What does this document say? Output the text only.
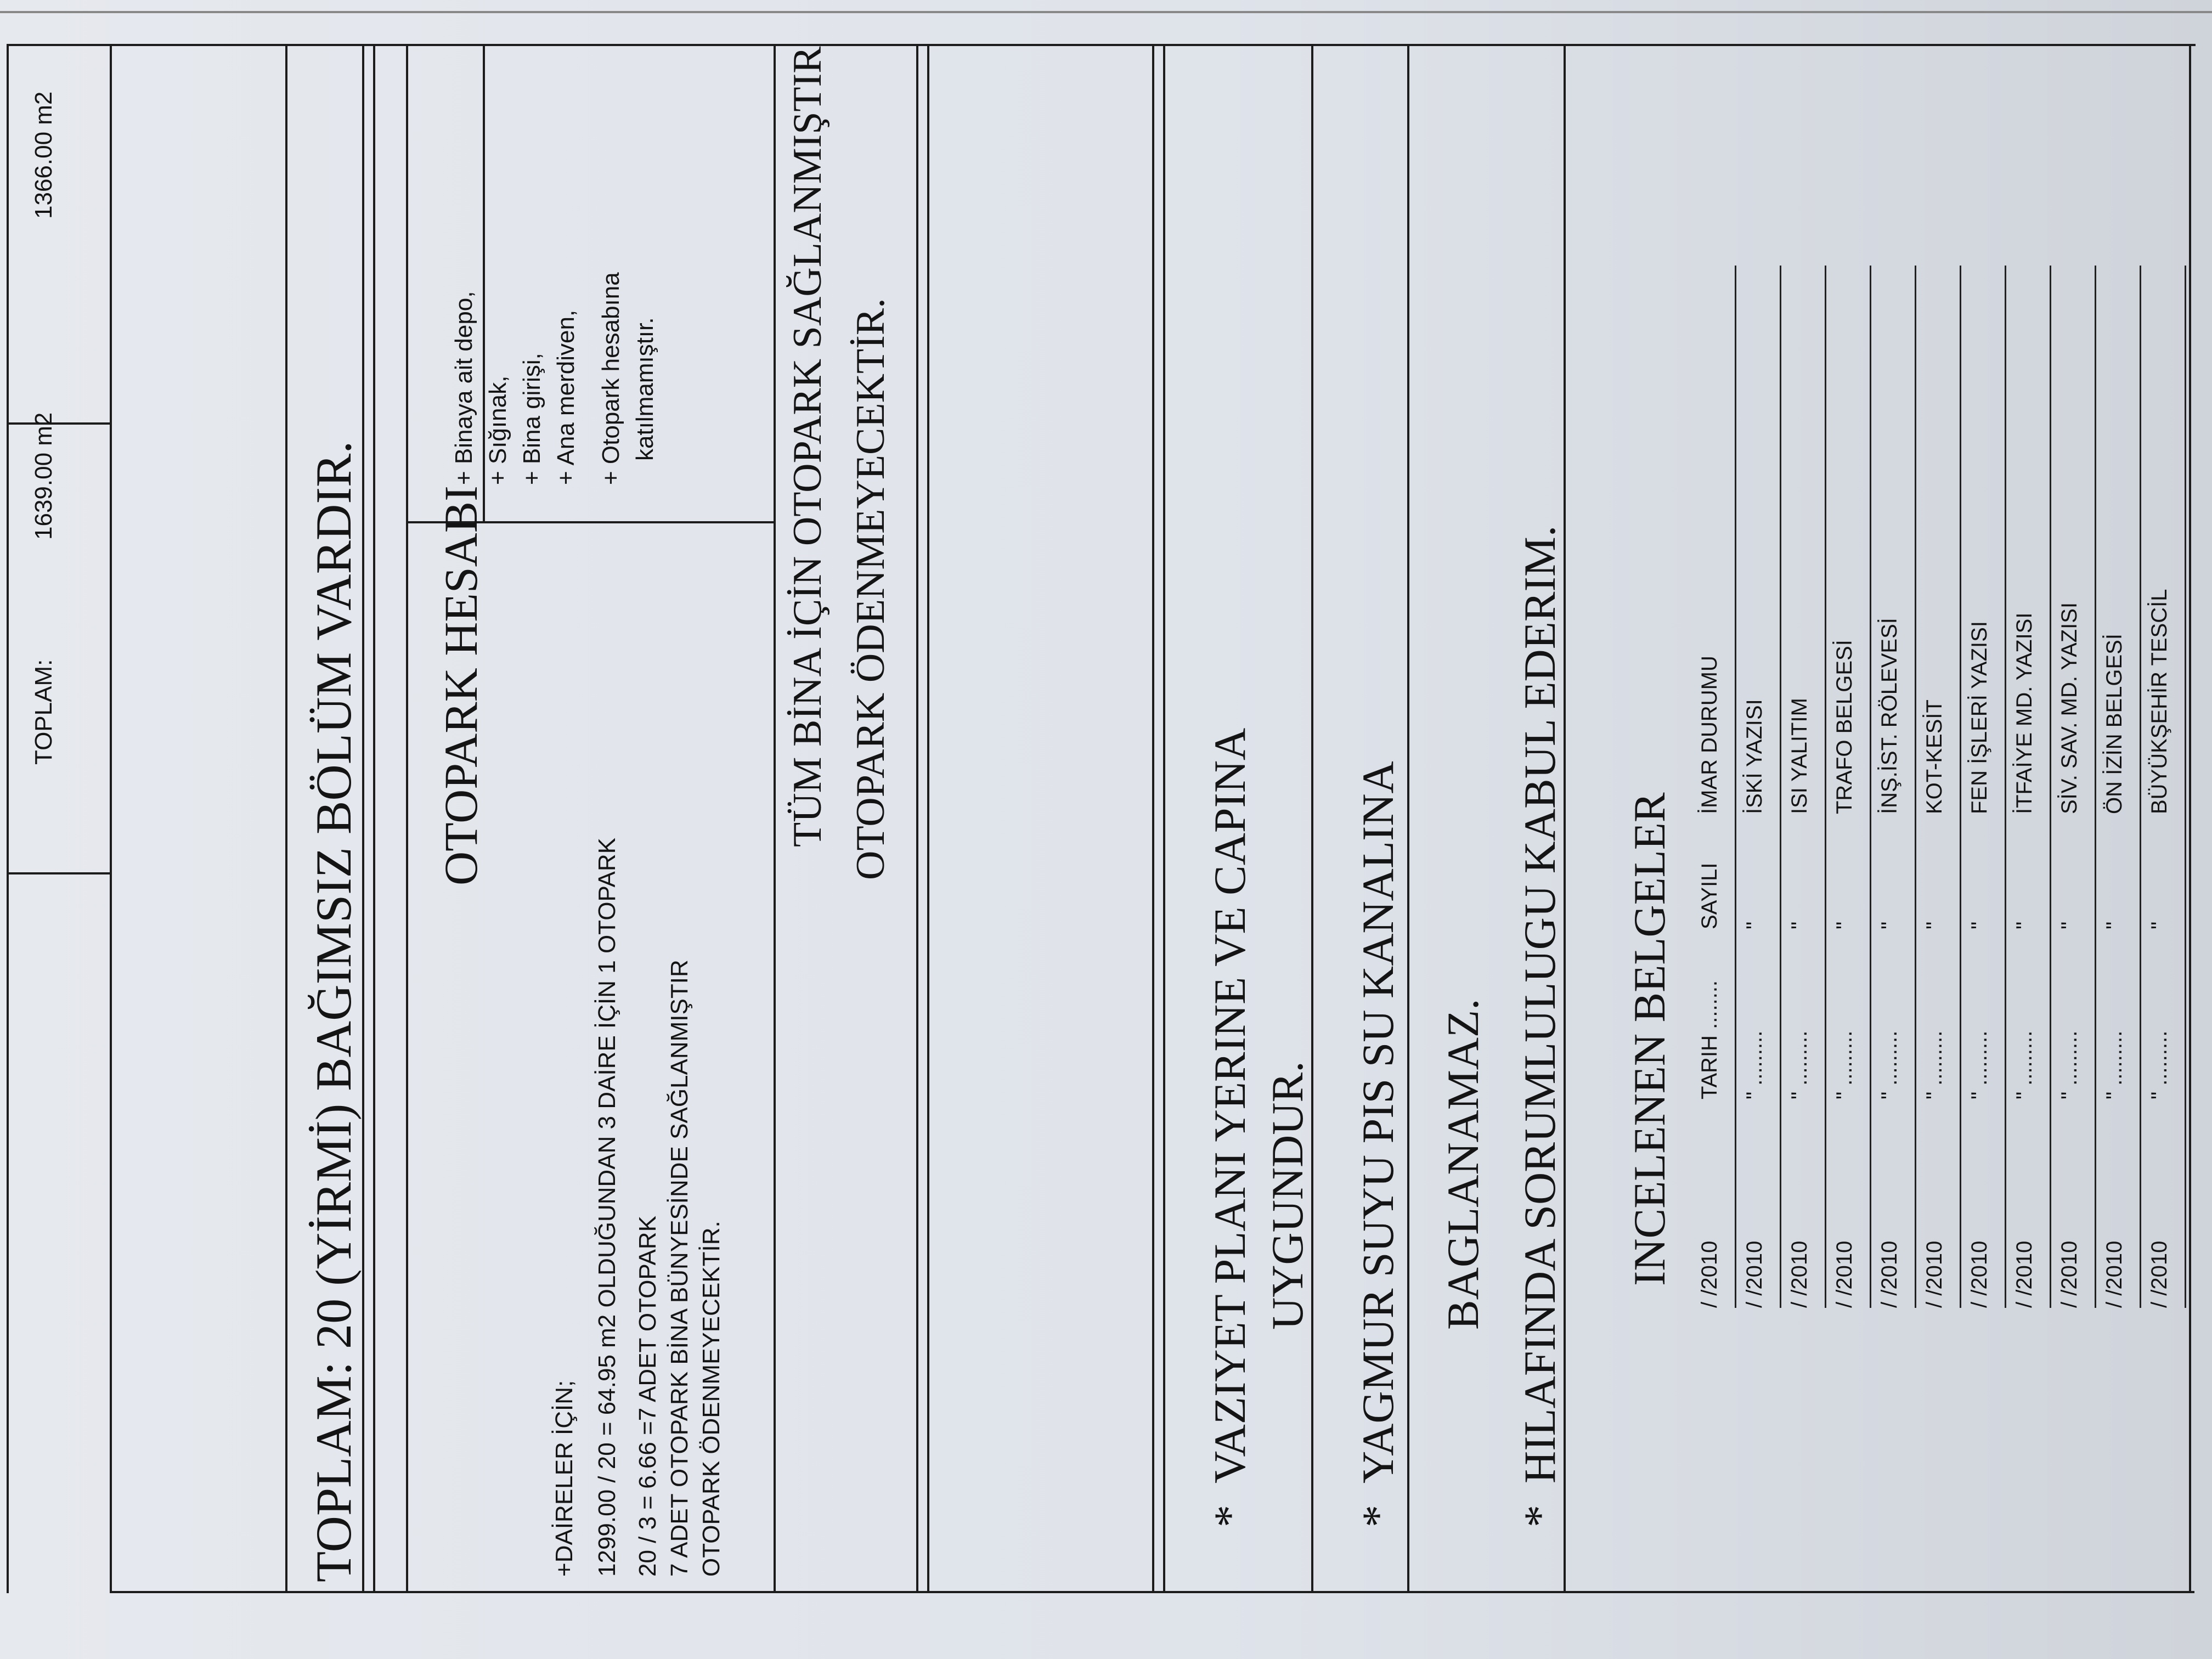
TOPLAM:
1639.00 m2
1366.00 m2
TOPLAM: 20 (YİRMİ) BAĞIMSIZ BÖLÜM VARDIR. OTOPARK HESABI
+ Binaya ait depo, + Sığınak, + Bina girişi, + Ana merdiven, + Otopark hesabına katılmamıştır.
+DAİRELER İÇİN; 1299.00 / 20 = 64.95 m2 OLDUĞUNDAN 3 DAİRE İÇİN 1 OTOPARK 20 / 3 = 6.66 =7 ADET OTOPARK 7 ADET OTOPARK BİNA BÜNYESİNDE SAĞLANMIŞTIR OTOPARK ÖDENMEYECEKTİR.
TÜM BİNA İÇİN OTOPARK SAĞLANMIŞTIR OTOPARK ÖDENMEYECEKTİR.
*
VAZIYET PLANI YERINE VE CAPINA UYGUNDUR.
*
YAGMUR SUYU PIS SU KANALINA BAGLANAMAZ.
*
HILAFINDA SORUMLULUGU KABUL EDERIM. INCELENEN BELGELER / /2010
TARIH ........
SAYILI
İMAR DURUMU
/ /2010
" .........
"
İSKİ YAZISI
/ /2010
" .........
"
ISI YALITIM
/ /2010
" .........
"
TRAFO BELGESİ
/ /2010
" .........
"
İNŞ.İST. RÖLEVESİ
/ /2010
" .........
"
KOT-KESİT
/ /2010
" .........
"
FEN İŞLERİ YAZISI
/ /2010
" .........
"
İTFAİYE MD. YAZISI
/ /2010
" .........
"
SİV. SAV. MD. YAZISI
/ /2010
" .........
"
ÖN İZİN BELGESİ
/ /2010
" .........
"
BÜYÜKŞEHİR TESCİL
